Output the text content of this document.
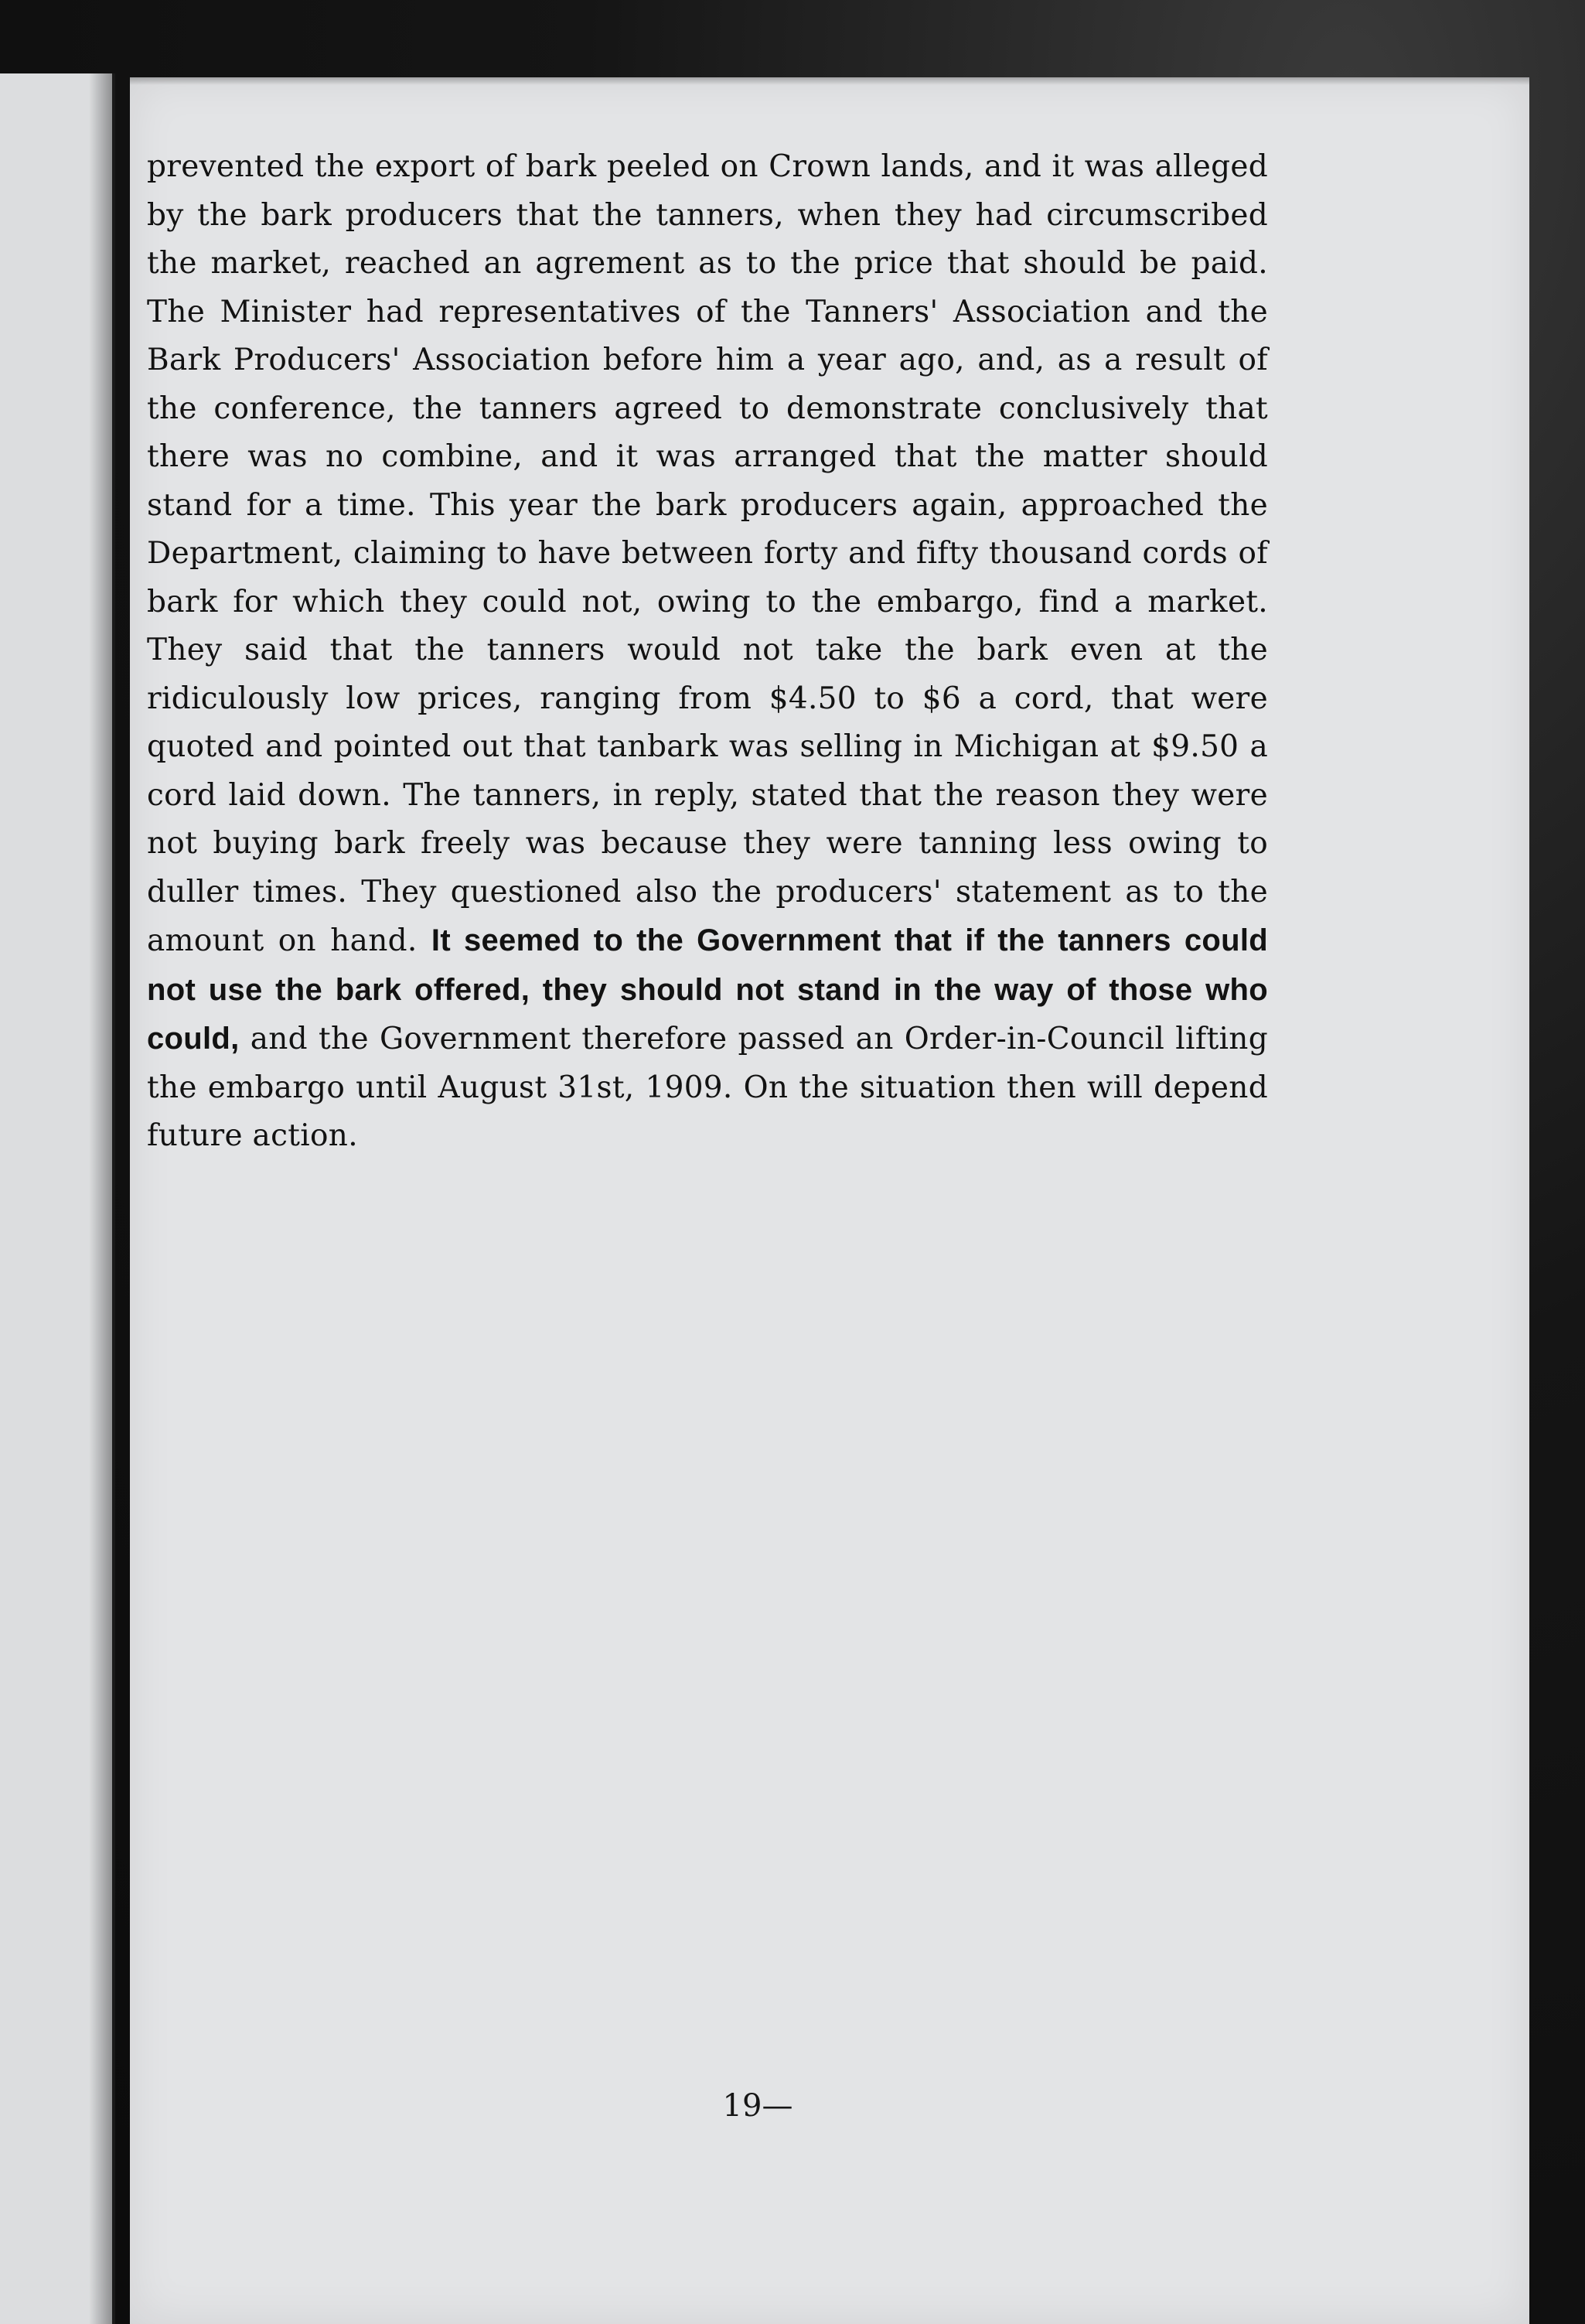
prevented the export of bark peeled on Crown lands, and it was alleged by the bark producers that the tanners, when they had circumscribed the market, reached an agrement as to the price that should be paid. The Minister had representatives of the Tanners' Association and the Bark Producers' Association before him a year ago, and, as a result of the conference, the tanners agreed to demonstrate conclusively that there was no combine, and it was arranged that the matter should stand for a time. This year the bark producers again, approached the Department, claiming to have between forty and fifty thousand cords of bark for which they could not, owing to the embargo, find a market. They said that the tanners would not take the bark even at the ridiculously low prices, ranging from $4.50 to $6 a cord, that were quoted and pointed out that tanbark was selling in Michigan at $9.50 a cord laid down. The tanners, in reply, stated that the reason they were not buying bark freely was because they were tanning less owing to duller times. They questioned also the producers' statement as to the amount on hand. It seemed to the Government that if the tanners could not use the bark offered, they should not stand in the way of those who could, and the Government therefore passed an Order-in-Council lifting the embargo until August 31st, 1909. On the situation then will depend future action.
19—
